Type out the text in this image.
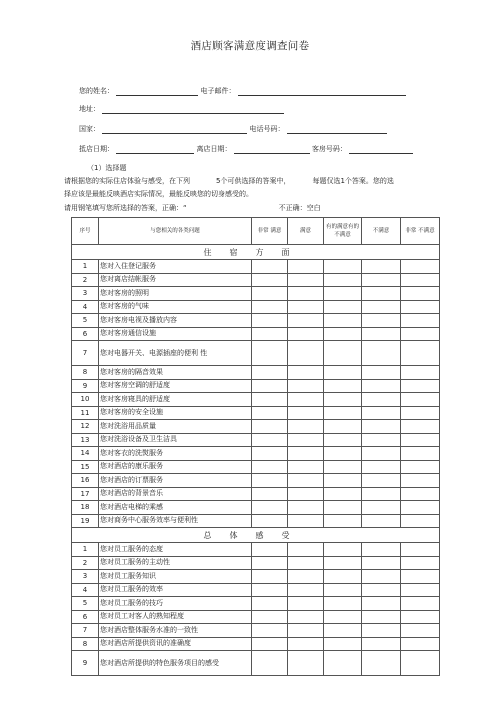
酒店顾客满意度调查问卷
您的姓名：	电子邮件：
地址：
国家：	电话号码：
抵店日期：	离店日期：	客房号码：
（1）选择题
请根据您的实际住店体验与感受，在下列	5个可供选择的答案中，	每题仅选1个答案。您的选
择应该是最能反映酒店实际情况，最能反映您的切身感受的。
请用钢笔填写您所选择的答案，正确：“	不正确：空白
序号	与您相关的各类问题	非常 满意	满意	有的满意有的不满意	不满意	非常 不满意
住宿方面						
1	您对入住登记服务					
2	您对离店结帐服务					
3	您对客房的照明					
4	您对客房的气味					
5	您对客房电视及播放内容					
6	您对客房通信设施					
7	您对电器开关、电源插座的便利 性					
8	您对客房的隔音效果					
9	您对客房空调的舒适度					
10	您对客房寝具的舒适度					
11	您对客房的安全设施					
12	您对洗浴用品质量					
13	您对洗浴设备及卫生洁具					
14	您对客衣的洗熨服务					
15	您对酒店的康乐服务					
16	您对酒店的订票服务					
17	您对酒店的背景音乐					
18	您对酒店电梯的乘感					
19	您对商务中心服务效率与便利性					
总体感受						
1	您对员工服务的态度					
2	您对员工服务的主动性					
3	您对员工服务知识					
4	您对员工服务的效率					
5	您对员工服务的技巧					
6	您对员工对客人的熟知程度					
7	您对酒店整体服务水准的一致性					
8	您对酒店所提供资讯的准确度					
9	您对酒店所提供的特色服务项目的感受					
